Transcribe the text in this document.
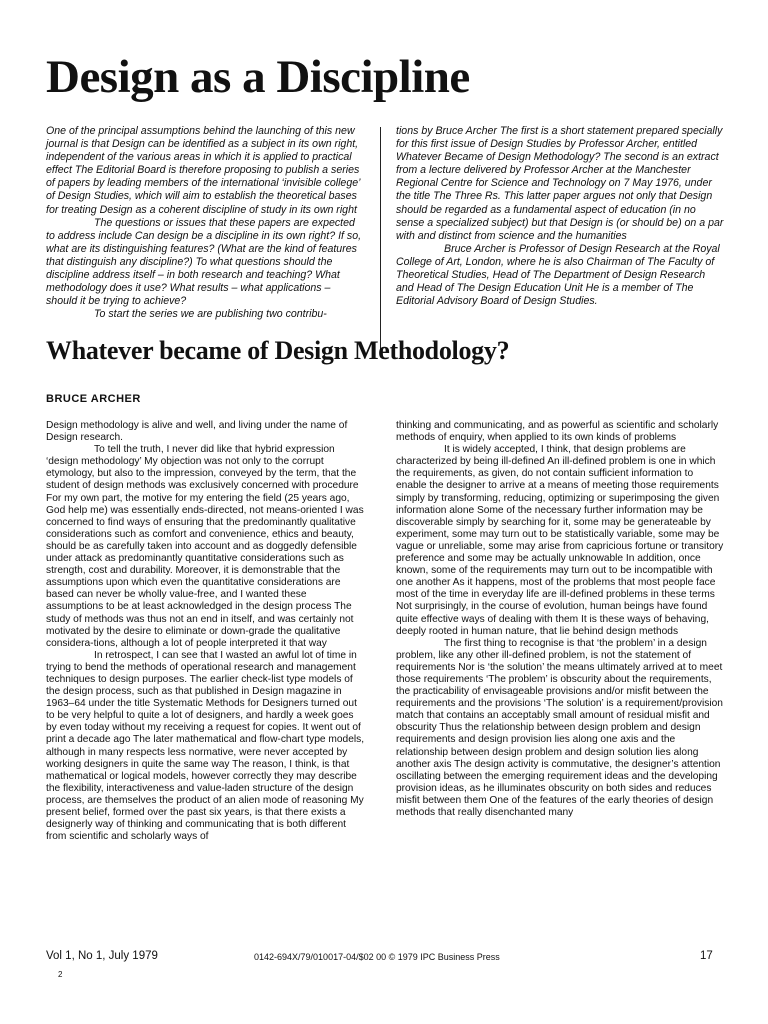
Design as a Discipline

One of the principal assumptions behind the launching of this new journal is that Design can be identified as a subject in its own right, independent of the various areas in which it is applied to practical effect The Editorial Board is therefore proposing to publish a series of papers by leading members of the international ‘invisible college’ of Design Studies, which will aim to establish the theoretical bases for treating Design as a coherent discipline of study in its own right

The questions or issues that these papers are expected to address include Can design be a discipline in its own right? If so, what are its distinguishing features? (What are the kind of features that distinguish any discipline?) To what questions should the discipline address itself – in both research and teaching? What methodology does it use? What results – what applications – should it be trying to achieve?

To start the series we are publishing two contribu-

tions by Bruce Archer The first is a short statement prepared specially for this first issue of Design Studies by Professor Archer, entitled Whatever Became of Design Methodology? The second is an extract from a lecture delivered by Professor Archer at the Manchester Regional Centre for Science and Technology on 7 May 1976, under the title The Three Rs. This latter paper argues not only that Design should be regarded as a fundamental aspect of education (in no sense a specialized subject) but that Design is (or should be) on a par with and distinct from science and the humanities

Bruce Archer is Professor of Design Research at the Royal College of Art, London, where he is also Chairman of The Faculty of Theoretical Studies, Head of The Department of Design Research and Head of The Design Education Unit He is a member of The Editorial Advisory Board of Design Studies.

Whatever became of Design Methodology?
BRUCE ARCHER

Design methodology is alive and well, and living under the name of Design research.

To tell the truth, I never did like that hybrid expression ‘design methodology’ My objection was not only to the corrupt etymology, but also to the impression, conveyed by the term, that the student of design methods was exclusively concerned with procedure For my own part, the motive for my entering the field (25 years ago, God help me) was essentially ends-directed, not means-oriented I was concerned to find ways of ensuring that the predominantly qualitative considerations such as comfort and convenience, ethics and beauty, should be as carefully taken into account and as doggedly defensible under attack as predominantly quantitative considerations such as strength, cost and durability. Moreover, it is demonstrable that the assumptions upon which even the quantitative considerations are based can never be wholly value-free, and I wanted these assumptions to be at least acknowledged in the design process The study of methods was thus not an end in itself, and was certainly not motivated by the desire to eliminate or down-grade the qualitative considera-tions, although a lot of people interpreted it that way

In retrospect, I can see that I wasted an awful lot of time in trying to bend the methods of operational research and management techniques to design purposes. The earlier check-list type models of the design process, such as that published in Design magazine in 1963–64 under the title Systematic Methods for Designers turned out to be very helpful to quite a lot of designers, and hardly a week goes by even today without my receiving a request for copies. It went out of print a decade ago The later mathematical and flow-chart type models, although in many respects less normative, were never accepted by working designers in quite the same way The reason, I think, is that mathematical or logical models, however correctly they may describe the flexibility, interactiveness and value-laden structure of the design process, are themselves the product of an alien mode of reasoning My present belief, formed over the past six years, is that there exists a designerly way of thinking and communicating that is both different from scientific and scholarly ways of

thinking and communicating, and as powerful as scientific and scholarly methods of enquiry, when applied to its own kinds of problems

It is widely accepted, I think, that design problems are characterized by being ill-defined An ill-defined problem is one in which the requirements, as given, do not contain sufficient information to enable the designer to arrive at a means of meeting those requirements simply by transforming, reducing, optimizing or superimposing the given information alone Some of the necessary further information may be discoverable simply by searching for it, some may be generateable by experiment, some may turn out to be statistically variable, some may be vague or unreliable, some may arise from capricious fortune or transitory preference and some may be actually unknowable In addition, once known, some of the requirements may turn out to be incompatible with one another As it happens, most of the problems that most people face most of the time in everyday life are ill-defined problems in these terms Not surprisingly, in the course of evolution, human beings have found quite effective ways of dealing with them It is these ways of behaving, deeply rooted in human nature, that lie behind design methods

The first thing to recognise is that ‘the problem’ in a design problem, like any other ill-defined problem, is not the statement of requirements Nor is ‘the solution’ the means ultimately arrived at to meet those requirements ‘The problem’ is obscurity about the requirements, the practicability of envisageable provisions and/or misfit between the requirements and the provisions ‘The solution’ is a requirement/provision match that contains an acceptably small amount of residual misfit and obscurity Thus the relationship between design problem and design requirements and design provision lies along one axis and the relationship between design problem and design solution lies along another axis The design activity is commutative, the designer’s attention oscillating between the emerging requirement ideas and the developing provision ideas, as he illuminates obscurity on both sides and reduces misfit between them One of the features of the early theories of design methods that really disenchanted many

Vol 1, No 1, July 1979	0142-694X/79/010017-04/$02 00 © 1979 IPC Business Press	17
2
